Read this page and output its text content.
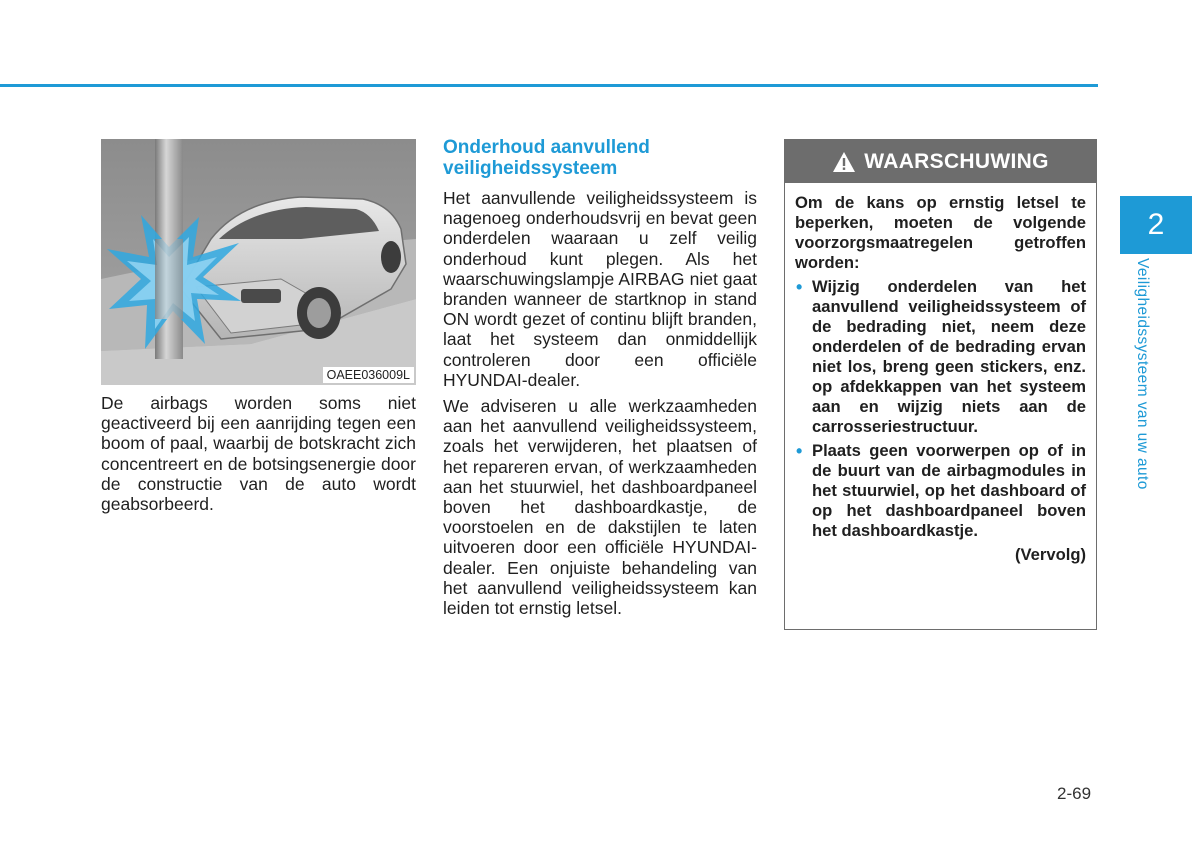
OAEE036009L

De airbags worden soms niet geactiveerd bij een aanrijding tegen een boom of paal, waarbij de botskracht zich concentreert en de botsingsenergie door de constructie van de auto wordt geabsorbeerd.

Onderhoud aanvullend veiligheidssysteem

Het aanvullende veiligheidssysteem is nagenoeg onderhoudsvrij en bevat geen onderdelen waaraan u zelf veilig onderhoud kunt plegen. Als het waarschuwingslampje AIRBAG niet gaat branden wanneer de startknop in stand ON wordt gezet of continu blijft branden, laat het systeem dan onmiddellijk controleren door een officiële HYUNDAI-dealer.

We adviseren u alle werkzaamheden aan het aanvullend veiligheidssysteem, zoals het verwijderen, het plaatsen of het repareren ervan, of werkzaamheden aan het stuurwiel, het dashboardpaneel boven het dashboardkastje, de voorstoelen en de dakstijlen te laten uitvoeren door een officiële HYUNDAI-dealer. Een onjuiste behandeling van het aanvullend veiligheidssysteem kan leiden tot ernstig letsel.

WAARSCHUWING

Om de kans op ernstig letsel te beperken, moeten de volgende voorzorgsmaatregelen getroffen worden:

• Wijzig onderdelen van het aanvullend veiligheidssysteem of de bedrading niet, neem deze onderdelen of de bedrading ervan niet los, breng geen stickers, enz. op afdekkappen van het systeem aan en wijzig niets aan de carrosseriestructuur.
• Plaats geen voorwerpen op of in de buurt van de airbagmodules in het stuurwiel, op het dashboard of op het dashboardpaneel boven het dashboardkastje.

(Vervolg)

2
Veiligheidssysteem van uw auto
2-69
